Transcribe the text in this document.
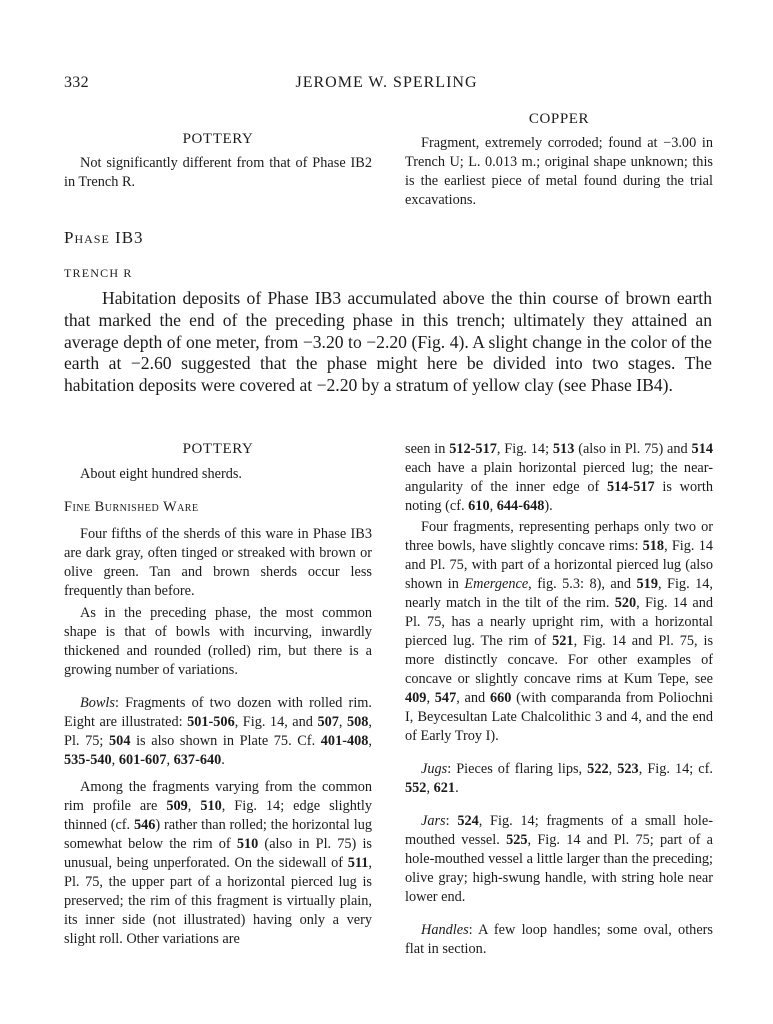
332	JEROME W. SPERLING

POTTERY

Not significantly different from that of Phase IB2 in Trench R.

COPPER

Fragment, extremely corroded; found at −3.00 in Trench U; L. 0.013 m.; original shape unknown; this is the earliest piece of metal found during the trial excavations.

Phase IB3
TRENCH R

Habitation deposits of Phase IB3 accumulated above the thin course of brown earth that marked the end of the preceding phase in this trench; ultimately they attained an average depth of one meter, from −3.20 to −2.20 (Fig. 4). A slight change in the color of the earth at −2.60 suggested that the phase might here be divided into two stages. The habitation deposits were covered at −2.20 by a stratum of yellow clay (see Phase IB4).

POTTERY

About eight hundred sherds.

Fine Burnished Ware

Four fifths of the sherds of this ware in Phase IB3 are dark gray, often tinged or streaked with brown or olive green. Tan and brown sherds occur less frequently than before.

As in the preceding phase, the most common shape is that of bowls with incurving, inwardly thickened and rounded (rolled) rim, but there is a growing number of variations.

Bowls: Fragments of two dozen with rolled rim. Eight are illustrated: 501-506, Fig. 14, and 507, 508, Pl. 75; 504 is also shown in Plate 75. Cf. 401-408, 535-540, 601-607, 637-640.

Among the fragments varying from the common rim profile are 509, 510, Fig. 14; edge slightly thinned (cf. 546) rather than rolled; the horizontal lug somewhat below the rim of 510 (also in Pl. 75) is unusual, being unperforated. On the sidewall of 511, Pl. 75, the upper part of a horizontal pierced lug is preserved; the rim of this fragment is virtually plain, its inner side (not illustrated) having only a very slight roll. Other variations are

seen in 512-517, Fig. 14; 513 (also in Pl. 75) and 514 each have a plain horizontal pierced lug; the near-angularity of the inner edge of 514-517 is worth noting (cf. 610, 644-648).

Four fragments, representing perhaps only two or three bowls, have slightly concave rims: 518, Fig. 14 and Pl. 75, with part of a horizontal pierced lug (also shown in Emergence, fig. 5.3: 8), and 519, Fig. 14, nearly match in the tilt of the rim. 520, Fig. 14 and Pl. 75, has a nearly upright rim, with a horizontal pierced lug. The rim of 521, Fig. 14 and Pl. 75, is more distinctly concave. For other examples of concave or slightly concave rims at Kum Tepe, see 409, 547, and 660 (with comparanda from Poliochni I, Beycesultan Late Chalcolithic 3 and 4, and the end of Early Troy I).

Jugs: Pieces of flaring lips, 522, 523, Fig. 14; cf. 552, 621.

Jars: 524, Fig. 14; fragments of a small hole-mouthed vessel. 525, Fig. 14 and Pl. 75; part of a hole-mouthed vessel a little larger than the preceding; olive gray; high-swung handle, with string hole near lower end.

Handles: A few loop handles; some oval, others flat in section.
